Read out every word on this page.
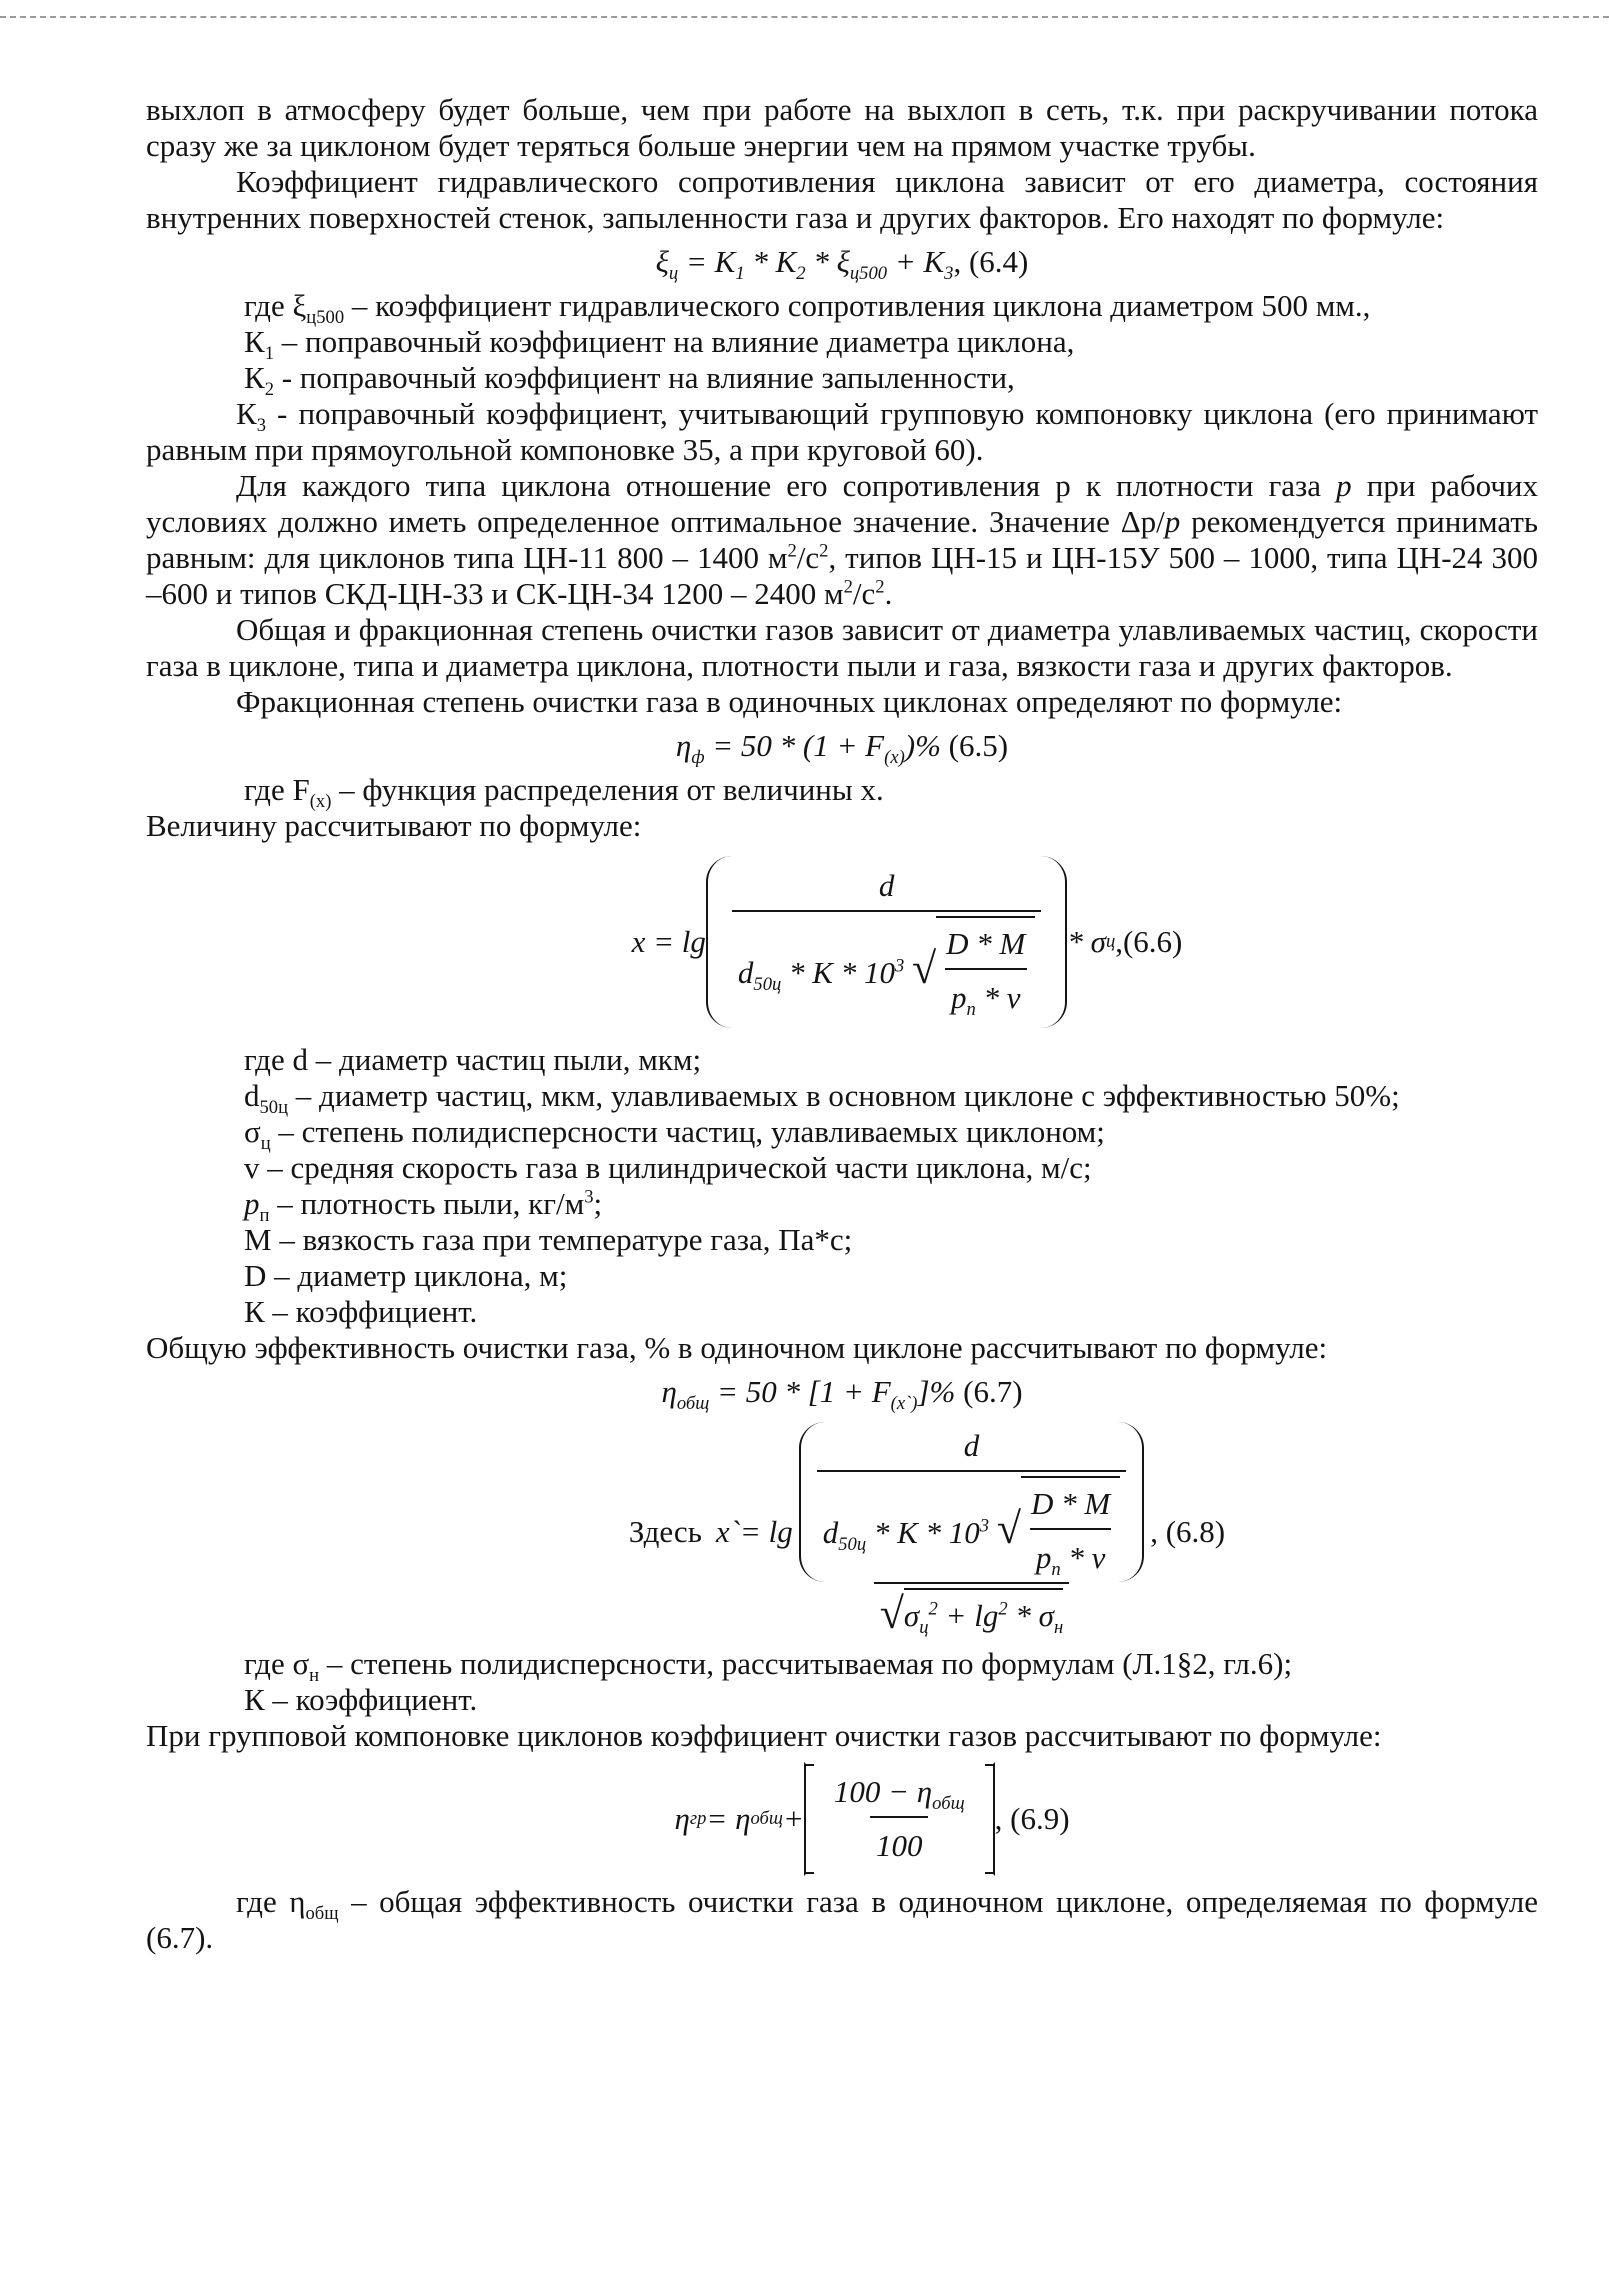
выхлоп в атмосферу будет больше, чем при работе на выхлоп в сеть, т.к. при раскручивании потока сразу же за циклоном будет теряться больше энергии чем на прямом участке трубы.

Коэффициент гидравлического сопротивления циклона зависит от его диаметра, состояния внутренних поверхностей стенок, запыленности газа и других факторов. Его находят по формуле:

$\xi_ц = K_1 * K_2 * \xi_{ц500} + K_3$, (6.4)

где $\xi_{ц500}$ – коэффициент гидравлического сопротивления циклона диаметром 500 мм.,

$К_1$ – поправочный коэффициент на влияние диаметра циклона,

$К_2$ - поправочный коэффициент на влияние запыленности,

$К_3$ - поправочный коэффициент, учитывающий групповую компоновку циклона (его принимают равным при прямоугольной компоновке 35, а при круговой 60).

Для каждого типа циклона отношение его сопротивления р к плотности газа р при рабочих условиях должно иметь определенное оптимальное значение. Значение Δр/р рекомендуется принимать равным: для циклонов типа ЦН-11 800 – 1400 $м^2/с^2$, типов ЦН-15 и ЦН-15У 500 – 1000, типа ЦН-24 300 –600 и типов СКД-ЦН-33 и СК-ЦН-34 1200 – 2400 $м^2/с^2$.

Общая и фракционная степень очистки газов зависит от диаметра улавливаемых частиц, скорости газа в циклоне, типа и диаметра циклона, плотности пыли и газа, вязкости газа и других факторов.

Фракционная степень очистки газа в одиночных циклонах определяют по формуле:

$\eta_ф = 50 * (1 + F_{(x)})\%$ (6.5)

где $F_{(x)}$ – функция распределения от величины x.

Величину рассчитывают по формуле:

x = lg
d
$d_{50ц}$ * K * $10^3$ √ $\frac{D * M}{p_п * v}$ * σ ц ,(6.6)

где d – диаметр частиц пыли, мкм;

$d_{50ц}$ – диаметр частиц, мкм, улавливаемых в основном циклоне с эффективностью 50%;

$\sigma_ц$ – степень полидисперсности частиц, улавливаемых циклоном;

v – средняя скорость газа в цилиндрической части циклона, м/с;

$р_п$ – плотность пыли, $кг/м^3$;

М – вязкость газа при температуре газа, Па*с;

D – диаметр циклона, м;

К – коэффициент.

Общую эффективность очистки газа, % в одиночном циклоне рассчитывают по формуле:

$\eta_{общ} = 50 * [1 + F_{(x`)}]\%$ (6.7)
Здесь x`= lg
d
$d_{50ц}$ * K * $10^3$ √ $\frac{D * M}{p_п * v}$
√ $\sigma_ц^2 + \lg^2 * \sigma_н$
, (6.8)

где $\sigma_н$ – степень полидисперсности, рассчитываемая по формулам (Л.1§2, гл.6);

К – коэффициент.

При групповой компоновке циклонов коэффициент очистки газов рассчитывают по формуле:

η гр = η общ + $\frac{100 - \eta_{общ}}{100}$ , (6.9)

где $\eta_{общ}$ – общая эффективность очистки газа в одиночном циклоне, определяемая по формуле (6.7).
